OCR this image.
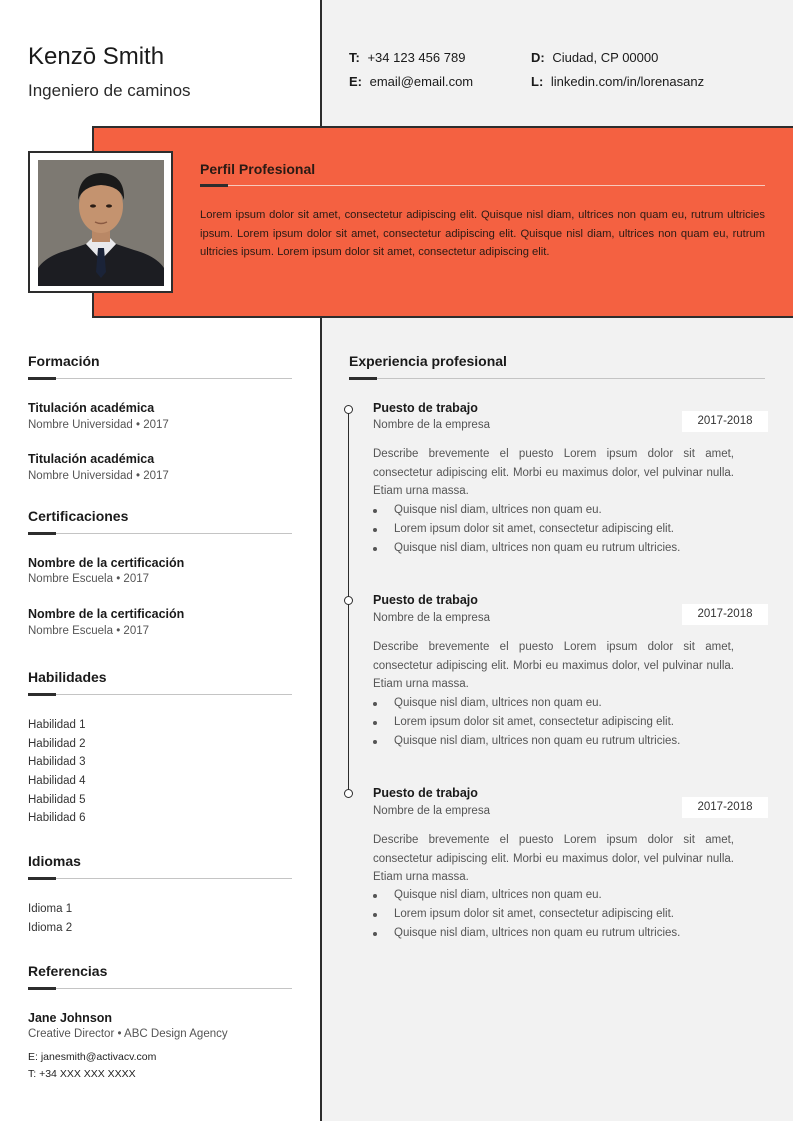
Kenzō Smith
Ingeniero de caminos
T: +34 123 456 789
E: email@email.com
D: Ciudad, CP 00000
L: linkedin.com/in/lorenasanz
Perfil Profesional
Lorem ipsum dolor sit amet, consectetur adipiscing elit. Quisque nisl diam, ultrices non quam eu, rutrum ultricies ipsum. Lorem ipsum dolor sit amet, consectetur adipiscing elit. Quisque nisl diam, ultrices non quam eu, rutrum ultricies ipsum. Lorem ipsum dolor sit amet, consectetur adipiscing elit.
Formación
Titulación académica
Nombre Universidad • 2017
Titulación académica
Nombre Universidad • 2017
Certificaciones
Nombre de la certificación
Nombre Escuela • 2017
Nombre de la certificación
Nombre Escuela • 2017
Habilidades
Habilidad 1
Habilidad 2
Habilidad 3
Habilidad 4
Habilidad 5
Habilidad 6
Idiomas
Idioma 1
Idioma 2
Referencias
Jane Johnson
Creative Director • ABC Design Agency
E: janesmith@activacv.com
T: +34 XXX XXX XXXX
Experiencia profesional
Puesto de trabajo
Nombre de la empresa	2017-2018
Describe brevemente el puesto Lorem ipsum dolor sit amet, consectetur adipiscing elit. Morbi eu maximus dolor, vel pulvinar nulla. Etiam urna massa.
Quisque nisl diam, ultrices non quam eu.
Lorem ipsum dolor sit amet, consectetur adipiscing elit.
Quisque nisl diam, ultrices non quam eu rutrum ultricies.
Puesto de trabajo
Nombre de la empresa	2017-2018
Describe brevemente el puesto Lorem ipsum dolor sit amet, consectetur adipiscing elit. Morbi eu maximus dolor, vel pulvinar nulla. Etiam urna massa.
Quisque nisl diam, ultrices non quam eu.
Lorem ipsum dolor sit amet, consectetur adipiscing elit.
Quisque nisl diam, ultrices non quam eu rutrum ultricies.
Puesto de trabajo
Nombre de la empresa	2017-2018
Describe brevemente el puesto Lorem ipsum dolor sit amet, consectetur adipiscing elit. Morbi eu maximus dolor, vel pulvinar nulla. Etiam urna massa.
Quisque nisl diam, ultrices non quam eu.
Lorem ipsum dolor sit amet, consectetur adipiscing elit.
Quisque nisl diam, ultrices non quam eu rutrum ultricies.
